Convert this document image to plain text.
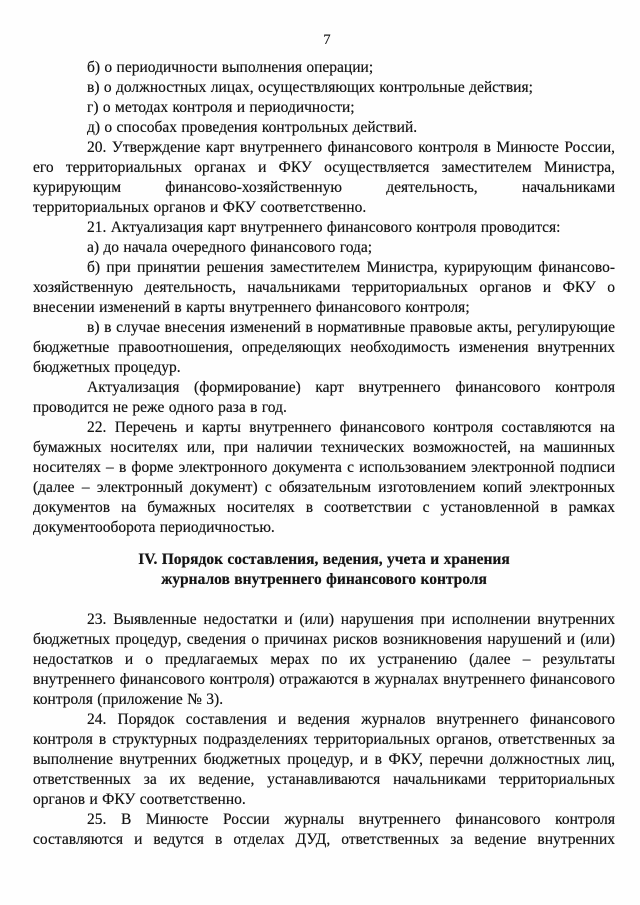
7

б) о периодичности выполнения операции;

в) о должностных лицах, осуществляющих контрольные действия;

г) о методах контроля и периодичности;

д) о способах проведения контрольных действий.

20. Утверждение карт внутреннего финансового контроля в Минюсте России, его территориальных органах и ФКУ осуществляется заместителем Министра, курирующим финансово-хозяйственную деятельность, начальниками территориальных органов и ФКУ соответственно.

21. Актуализация карт внутреннего финансового контроля проводится:

а) до начала очередного финансового года;

б) при принятии решения заместителем Министра, курирующим финансово-хозяйственную деятельность, начальниками территориальных органов и ФКУ о внесении изменений в карты внутреннего финансового контроля;

в) в случае внесения изменений в нормативные правовые акты, регулирующие бюджетные правоотношения, определяющих необходимость изменения внутренних бюджетных процедур.

Актуализация (формирование) карт внутреннего финансового контроля проводится не реже одного раза в год.

22. Перечень и карты внутреннего финансового контроля составляются на бумажных носителях или, при наличии технических возможностей, на машинных носителях – в форме электронного документа с использованием электронной подписи (далее – электронный документ) с обязательным изготовлением копий электронных документов на бумажных носителях в соответствии с установленной в рамках документооборота периодичностью.

IV. Порядок составления, ведения, учета и хранения
журналов внутреннего финансового контроля

23. Выявленные недостатки и (или) нарушения при исполнении внутренних бюджетных процедур, сведения о причинах рисков возникновения нарушений и (или) недостатков и о предлагаемых мерах по их устранению (далее – результаты внутреннего финансового контроля) отражаются в журналах внутреннего финансового контроля (приложение № 3).

24. Порядок составления и ведения журналов внутреннего финансового контроля в структурных подразделениях территориальных органов, ответственных за выполнение внутренних бюджетных процедур, и в ФКУ, перечни должностных лиц, ответственных за их ведение, устанавливаются начальниками территориальных органов и ФКУ соответственно.

25. В Минюсте России журналы внутреннего финансового контроля составляются и ведутся в отделах ДУД, ответственных за ведение внутренних
